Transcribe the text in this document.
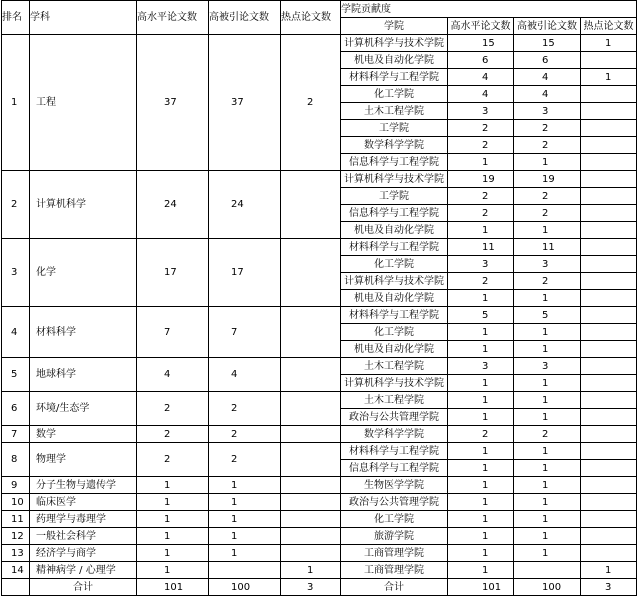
排名	学科	高水平论文数	高被引论文数	热点论文数	学院贡献度			
					学院	高水平论文数	高被引论文数	热点论文数
1	工程	37	37	2	计算机科学与技术学院	15	15	1
					机电及自动化学院	6	6	
					材料科学与工程学院	4	4	1
					化工学院	4	4	
					土木工程学院	3	3	
					工学院	2	2	
					数学科学学院	2	2	
					信息科学与工程学院	1	1	
2	计算机科学	24	24		计算机科学与技术学院	19	19	
					工学院	2	2	
					信息科学与工程学院	2	2	
					机电及自动化学院	1	1	
3	化学	17	17		材料科学与工程学院	11	11	
					化工学院	3	3	
					计算机科学与技术学院	2	2	
					机电及自动化学院	1	1	
4	材料科学	7	7		材料科学与工程学院	5	5	
					化工学院	1	1	
					机电及自动化学院	1	1	
5	地球科学	4	4		土木工程学院	3	3	
					计算机科学与技术学院	1	1	
6	环境/生态学	2	2		土木工程学院	1	1	
					政治与公共管理学院	1	1	
7	数学	2	2		数学科学学院	2	2	
8	物理学	2	2		材料科学与工程学院	1	1	
					信息科学与工程学院	1	1	
9	分子生物与遗传学	1	1		生物医学学院	1	1	
10	临床医学	1	1		政治与公共管理学院	1	1	
11	药理学与毒理学	1	1		化工学院	1	1	
12	一般社会科学	1	1		旅游学院	1	1	
13	经济学与商学	1	1		工商管理学院	1	1	
14	精神病学 / 心理学	1		1	工商管理学院	1		1
	合计	101	100	3	合计	101	100	3
